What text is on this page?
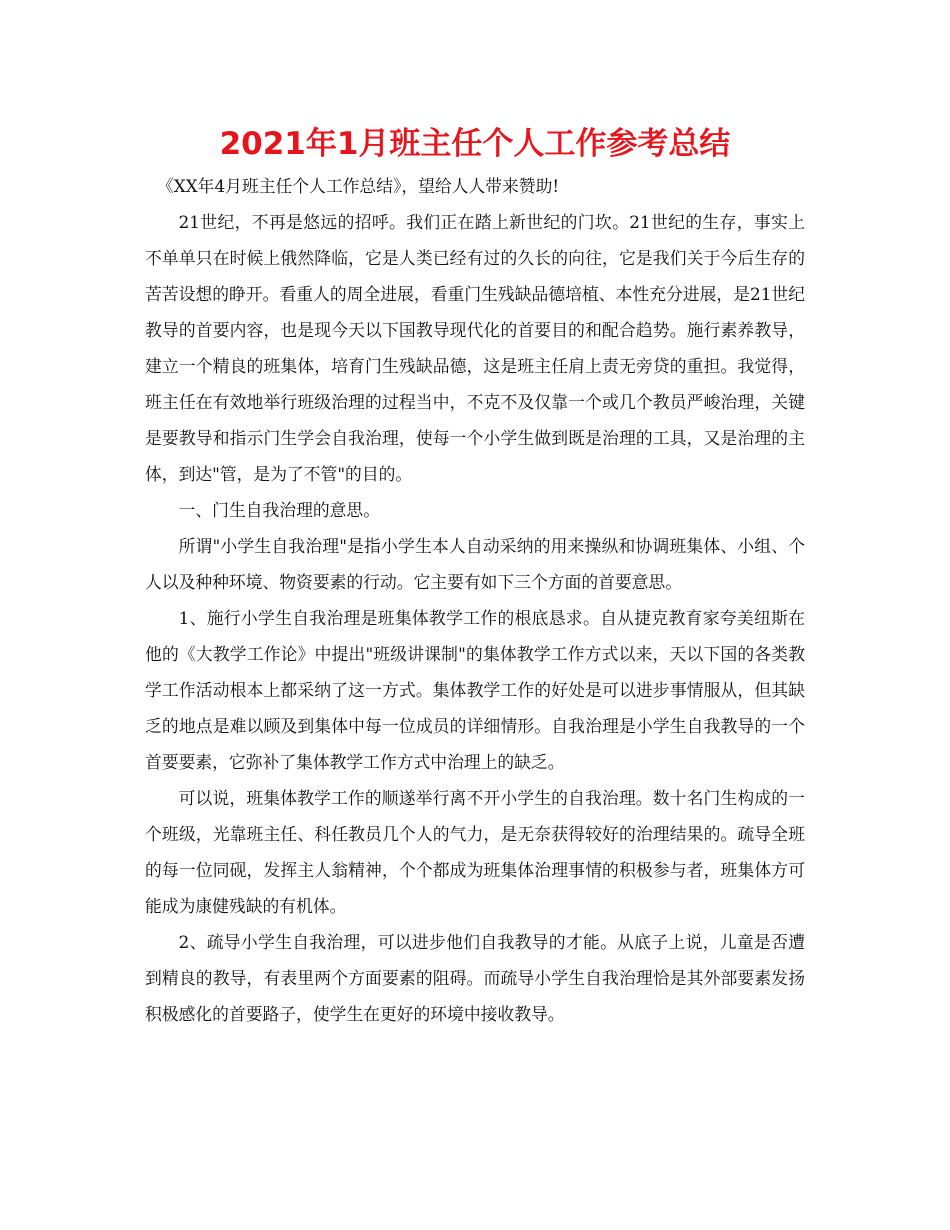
2021年1月班主任个人工作参考总结

《XX年4月班主任个人工作总结》，望给人人带来赞助!

21世纪，不再是悠远的招呼。我们正在踏上新世纪的门坎。21世纪的生存，事实上不单单只在时候上俄然降临，它是人类已经有过的久长的向往，它是我们关于今后生存的苦苦设想的睁开。看重人的周全进展，看重门生残缺品德培植、本性充分进展，是21世纪教导的首要内容，也是现今天以下国教导现代化的首要目的和配合趋势。施行素养教导，建立一个精良的班集体，培育门生残缺品德，这是班主任肩上责无旁贷的重担。我觉得，班主任在有效地举行班级治理的过程当中，不克不及仅靠一个或几个教员严峻治理，关键是要教导和指示门生学会自我治理，使每一个小学生做到既是治理的工具，又是治理的主体，到达"管，是为了不管"的目的。

一、门生自我治理的意思。

所谓"小学生自我治理"是指小学生本人自动采纳的用来操纵和协调班集体、小组、个人以及种种环境、物资要素的行动。它主要有如下三个方面的首要意思。

1、施行小学生自我治理是班集体教学工作的根底恳求。自从捷克教育家夸美纽斯在他的《大教学工作论》中提出"班级讲课制"的集体教学工作方式以来，天以下国的各类教学工作活动根本上都采纳了这一方式。集体教学工作的好处是可以进步事情服从，但其缺乏的地点是难以顾及到集体中每一位成员的详细情形。自我治理是小学生自我教导的一个首要要素，它弥补了集体教学工作方式中治理上的缺乏。

可以说，班集体教学工作的顺遂举行离不开小学生的自我治理。数十名门生构成的一个班级，光靠班主任、科任教员几个人的气力，是无奈获得较好的治理结果的。疏导全班的每一位同砚，发挥主人翁精神，个个都成为班集体治理事情的积极参与者，班集体方可能成为康健残缺的有机体。

2、疏导小学生自我治理，可以进步他们自我教导的才能。从底子上说，儿童是否遭到精良的教导，有表里两个方面要素的阻碍。而疏导小学生自我治理恰是其外部要素发扬积极感化的首要路子，使学生在更好的环境中接收教导。
